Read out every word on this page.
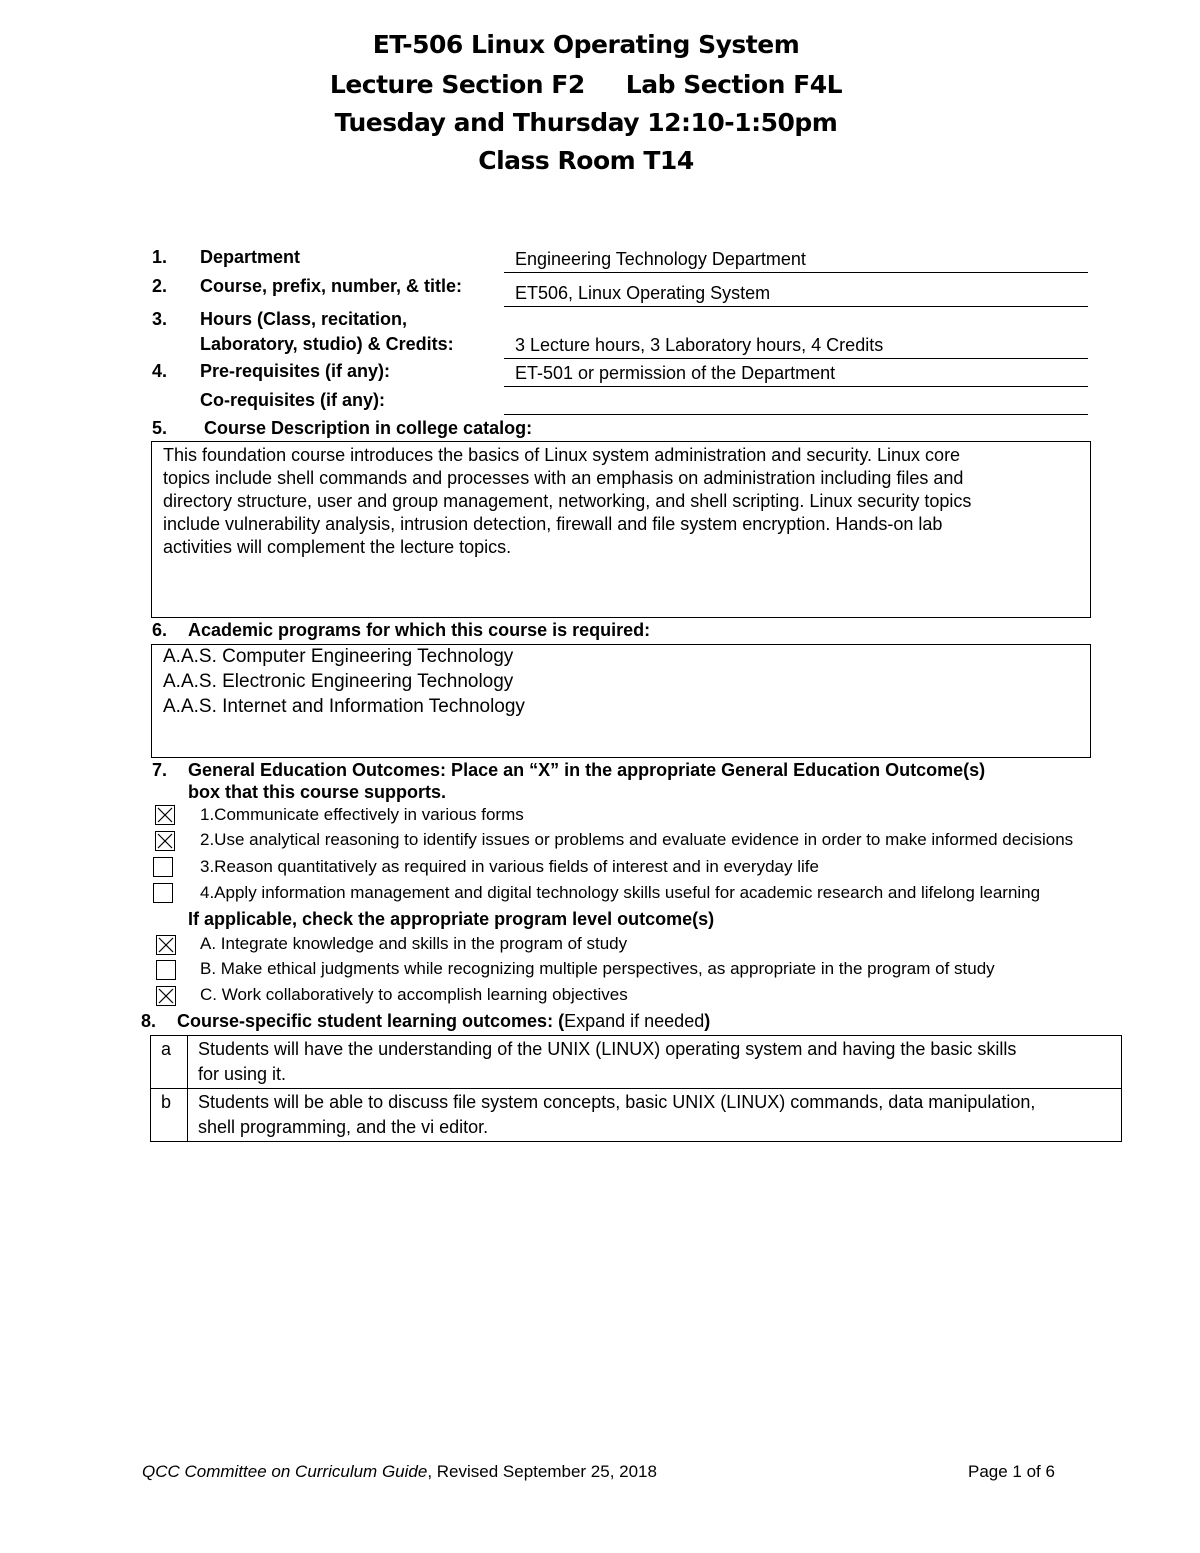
ET-506 Linux Operating System
Lecture Section F2     Lab Section F4L
Tuesday and Thursday 12:10-1:50pm
Class Room T14
1. Department	Engineering Technology Department
2. Course, prefix, number, & title:	ET506, Linux Operating System
3. Hours (Class, recitation,
Laboratory, studio) & Credits:	3 Lecture hours, 3 Laboratory hours, 4 Credits
4. Pre-requisites (if any):	ET-501 or permission of the Department
Co-requisites (if any):
5. Course Description in college catalog:
This foundation course introduces the basics of Linux system administration and security. Linux core
topics include shell commands and processes with an emphasis on administration including files and
directory structure, user and group management, networking, and shell scripting. Linux security topics
include vulnerability analysis, intrusion detection, firewall and file system encryption. Hands-on lab
activities will complement the lecture topics.
6. Academic programs for which this course is required:
A.A.S. Computer Engineering Technology
A.A.S. Electronic Engineering Technology
A.A.S. Internet and Information Technology
7. General Education Outcomes: Place an “X” in the appropriate General Education Outcome(s)
box that this course supports.
1.Communicate effectively in various forms
2.Use analytical reasoning to identify issues or problems and evaluate evidence in order to make informed decisions
3.Reason quantitatively as required in various fields of interest and in everyday life
4.Apply information management and digital technology skills useful for academic research and lifelong learning
If applicable, check the appropriate program level outcome(s)
A. Integrate knowledge and skills in the program of study
B. Make ethical judgments while recognizing multiple perspectives, as appropriate in the program of study
C. Work collaboratively to accomplish learning objectives
8. Course-specific student learning outcomes: (Expand if needed)
a	Students will have the understanding of the UNIX (LINUX) operating system and having the basic skills
for using it.

b	Students will be able to discuss file system concepts, basic UNIX (LINUX) commands, data manipulation,
shell programming, and the vi editor.
QCC Committee on Curriculum Guide, Revised September 25, 2018	Page 1 of 6
